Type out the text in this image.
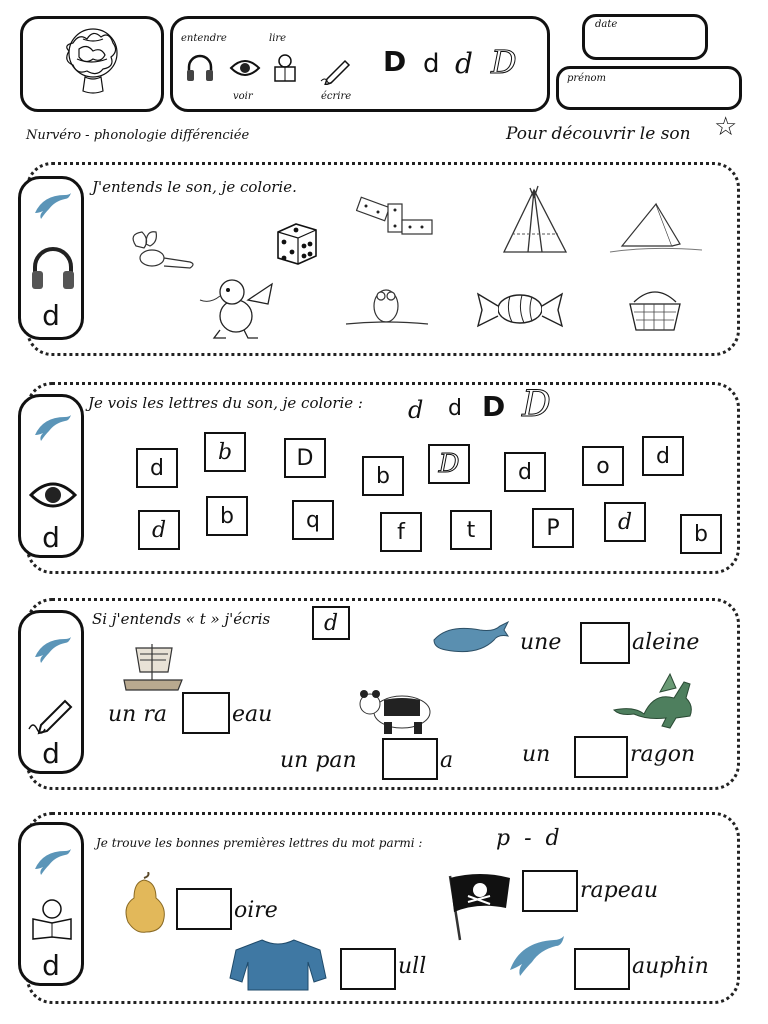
entendre	lire
voir	écrire
D d d D
date
prénom
Nurvéro - phonologie différenciée	Pour découvrir le son ☆
d
J'entends le son, je colorie.
d
Je vois les lettres du son, je colorie : d d D D
d
b	D
b D	d	o d
d
b	q	f	t	P	d	b
d
Si j'entends « t » j'écris d
une	aleine
un ra	eau
un pan	a	un	ragon
d
Je trouve les bonnes premières lettres du mot parmi :	p  -  d
oire
rapeau
ull	auphin
